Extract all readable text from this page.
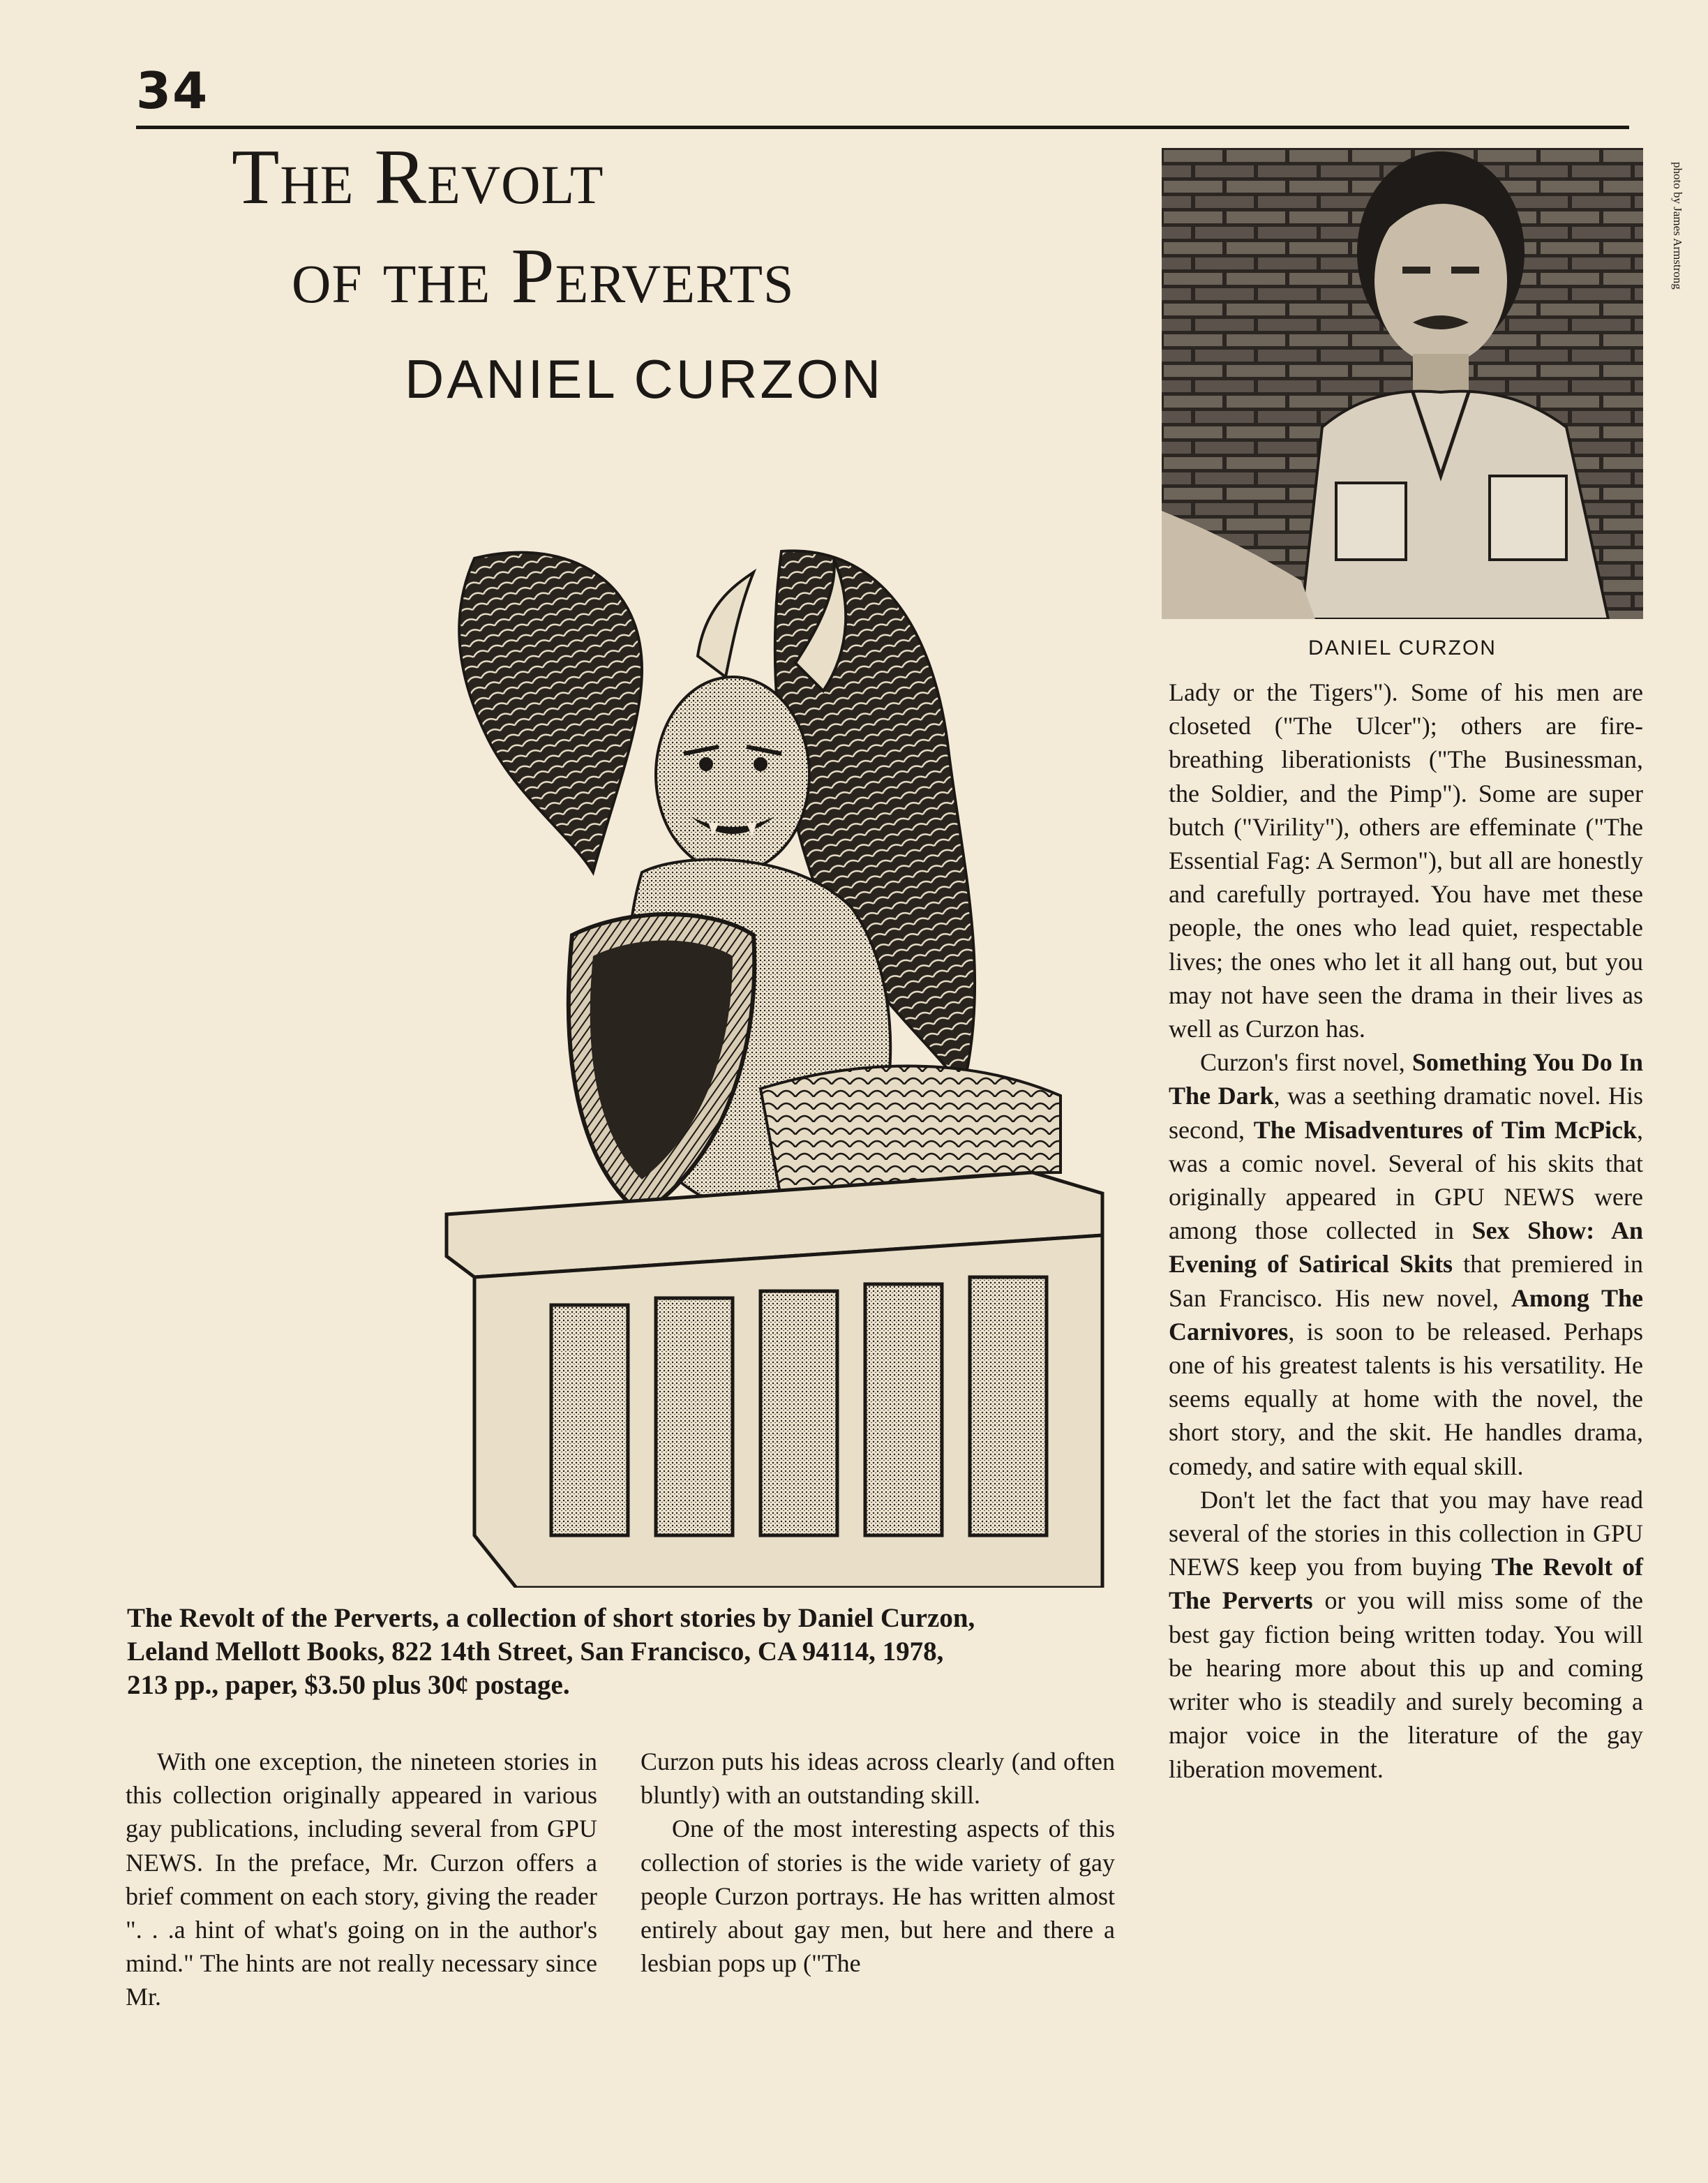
34
The Revolt
of the Perverts
DANIEL CURZON
photo by James Armstrong
DANIEL CURZON
The Revolt of the Perverts, a collection of short stories by Daniel Curzon,
Leland Mellott Books, 822 14th Street, San Francisco, CA 94114, 1978,
213 pp., paper, $3.50 plus 30¢ postage.

With one exception, the nineteen stories in this collection originally appeared in various gay publications, including several from GPU NEWS. In the preface, Mr. Curzon offers a brief comment on each story, giving the reader ". . .a hint of what's going on in the author's mind." The hints are not really necessary since Mr.

Curzon puts his ideas across clearly (and often bluntly) with an outstanding skill.

One of the most interesting aspects of this collection of stories is the wide variety of gay people Curzon portrays. He has written almost entirely about gay men, but here and there a lesbian pops up ("The

Lady or the Tigers"). Some of his men are closeted ("The Ulcer"); others are fire-breathing liberationists ("The Businessman, the Soldier, and the Pimp"). Some are super butch ("Virility"), others are effeminate ("The Essential Fag: A Sermon"), but all are honestly and carefully portrayed. You have met these people, the ones who lead quiet, respectable lives; the ones who let it all hang out, but you may not have seen the drama in their lives as well as Curzon has.

Curzon's first novel, Something You Do In The Dark, was a seething dramatic novel. His second, The Misadventures of Tim McPick, was a comic novel. Several of his skits that originally appeared in GPU NEWS were among those collected in Sex Show: An Evening of Satirical Skits that premiered in San Francisco. His new novel, Among The Carnivores, is soon to be released. Perhaps one of his greatest talents is his versatility. He seems equally at home with the novel, the short story, and the skit. He handles drama, comedy, and satire with equal skill.

Don't let the fact that you may have read several of the stories in this collection in GPU NEWS keep you from buying The Revolt of The Perverts or you will miss some of the best gay fiction being written today. You will be hearing more about this up and coming writer who is steadily and surely becoming a major voice in the literature of the gay liberation movement.
